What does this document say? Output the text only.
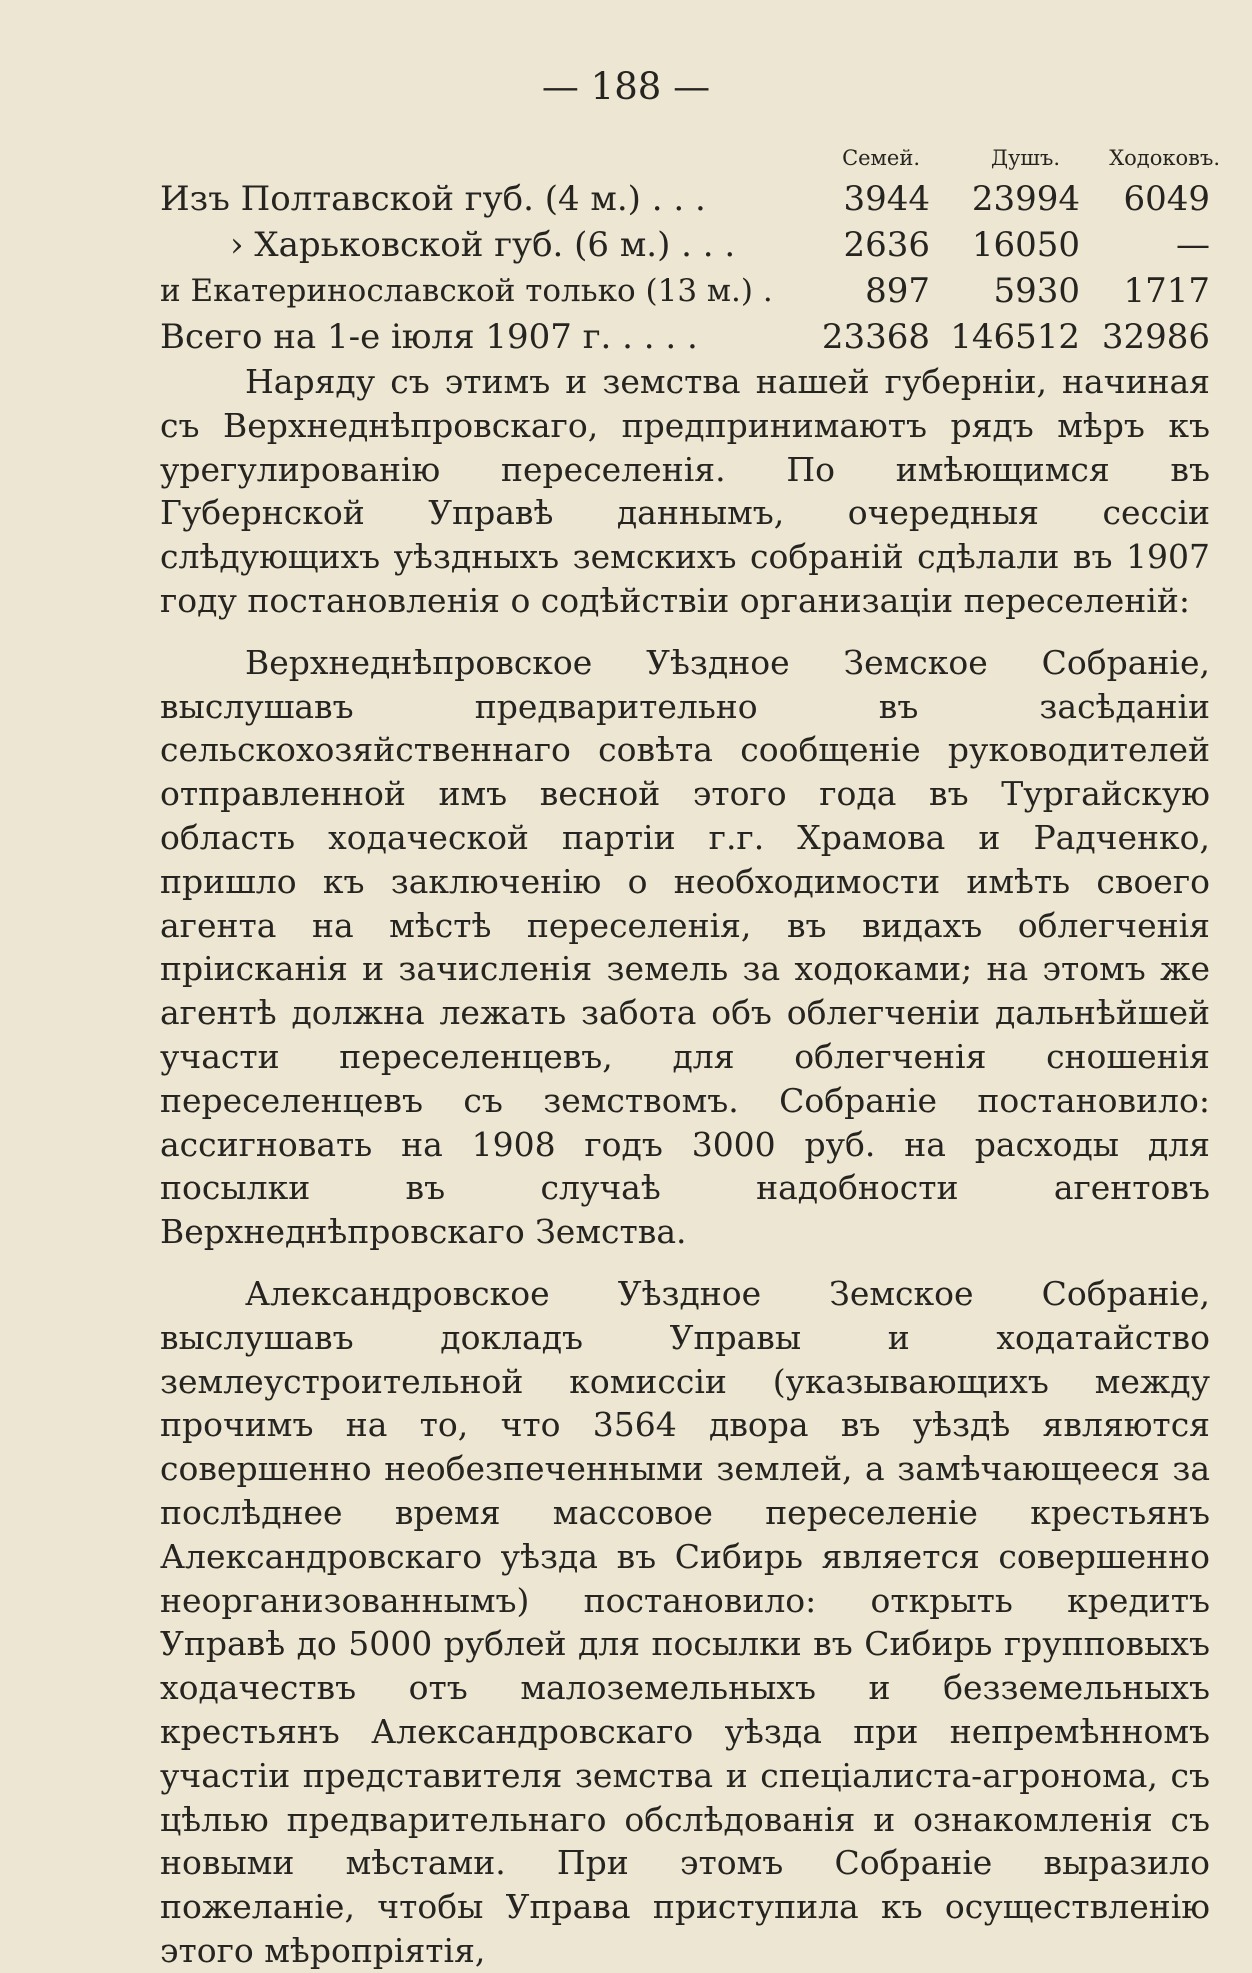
— 188 —
Семей.	Душъ.	Ходоковъ.
Изъ Полтавской губ. (4 м.) . . .	3944	23994	6049
› Харьковской губ. (6 м.) . . .	2636	16050	—
и Екатеринославской только (13 м.) .	897	5930	1717
Всего на 1-е іюля 1907 г. . . . .	23368 146512 32986

Наряду съ этимъ и земства нашей губерніи, начиная съ Верхнеднѣпровскаго, предпринимаютъ рядъ мѣръ къ урегулированію переселенія. По имѣющимся въ Губернской Управѣ даннымъ, очередныя сессіи слѣдующихъ уѣздныхъ земскихъ собраній сдѣлали въ 1907 году постановленія о содѣйствіи организаціи переселеній:

Верхнеднѣпровское Уѣздное Земское Собраніе, выслушавъ предварительно въ засѣданіи сельскохозяйственнаго совѣта сообщеніе руководителей отправленной имъ весной этого года въ Тургайскую область ходаческой партіи г.г. Храмова и Радченко, пришло къ заключенію о необходимости имѣть своего агента на мѣстѣ переселенія, въ видахъ облегченія пріисканія и зачисленія земель за ходоками; на этомъ же агентѣ должна лежать забота объ облегченіи дальнѣйшей участи переселенцевъ, для облегченія сношенія переселенцевъ съ земствомъ. Собраніе постановило: ассигновать на 1908 годъ 3000 руб. на расходы для посылки въ случаѣ надобности агентовъ Верхнеднѣпровскаго Земства.

Александровское Уѣздное Земское Собраніе, выслушавъ докладъ Управы и ходатайство землеустроительной комиссіи (указывающихъ между прочимъ на то, что 3564 двора въ уѣздѣ являются совершенно необезпеченными землей, а замѣчающееся за послѣднее время массовое переселеніе крестьянъ Александровскаго уѣзда въ Сибирь является совершенно неорганизованнымъ) постановило: открыть кредитъ Управѣ до 5000 рублей для посылки въ Сибирь групповыхъ ходачествъ отъ малоземельныхъ и безземельныхъ крестьянъ Александровскаго уѣзда при непремѣнномъ участіи представителя земства и спеціалиста-агронома, съ цѣлью предварительнаго обслѣдованія и ознакомленія съ новыми мѣстами. При этомъ Собраніе выразило пожеланіе, чтобы Управа приступила къ осуществленію этого мѣропріятія,
